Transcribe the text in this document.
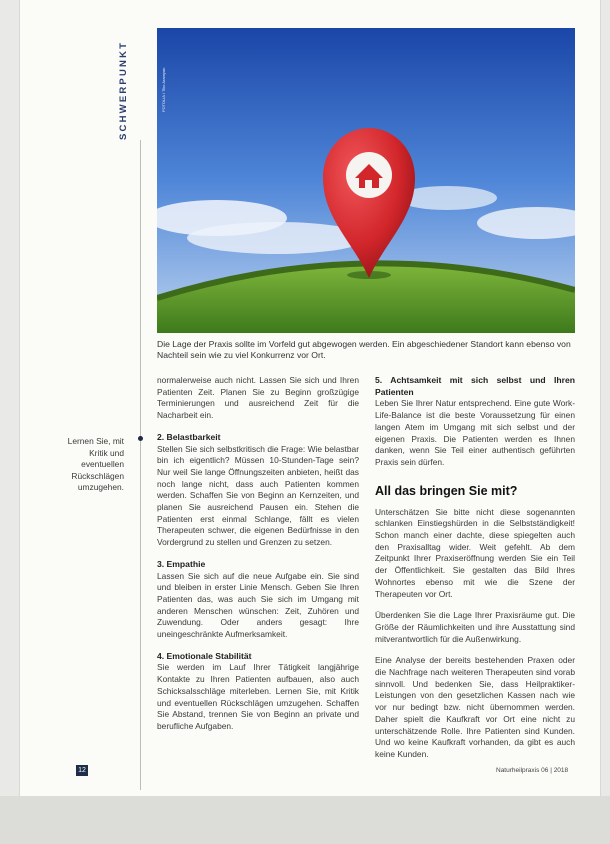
SCHWERPUNKT	FOTOLIA / Tiko Aramyan
Die Lage der Praxis sollte im Vorfeld gut abgewogen werden. Ein abgeschiedener Standort kann ebenso von Nachteil sein wie zu viel Konkurrenz vor Ort.

normalerweise auch nicht. Lassen Sie sich und Ihren Patienten Zeit. Planen Sie zu Beginn großzügige Terminierungen und ausreichend Zeit für die Nacharbeit ein.

2. Belastbarkeit

Stellen Sie sich selbstkritisch die Frage: Wie belastbar bin ich eigentlich? Müssen 10-Stunden-Tage sein? Nur weil Sie lange Öffnungszeiten anbieten, heißt das noch lange nicht, dass auch Patienten kommen werden. Schaffen Sie von Beginn an Kernzeiten, und planen Sie ausreichend Pausen ein. Stehen die Patienten erst einmal Schlange, fällt es vielen Therapeuten schwer, die eigenen Bedürfnisse in den Vordergrund zu stellen und Grenzen zu setzen.

3. Empathie

Lassen Sie sich auf die neue Aufgabe ein. Sie sind und bleiben in erster Linie Mensch. Geben Sie Ihren Patienten das, was auch Sie sich im Umgang mit anderen Menschen wünschen: Zeit, Zuhören und Zuwendung. Oder anders gesagt: Ihre uneingeschränkte Aufmerksamkeit.

4. Emotionale Stabilität

Sie werden im Lauf Ihrer Tätigkeit langjährige Kontakte zu Ihren Patienten aufbauen, also auch Schicksalsschläge miterleben. Lernen Sie, mit Kritik und eventuellen Rückschlägen umzugehen. Schaffen Sie Abstand, trennen Sie von Beginn an private und berufliche Aufgaben.

5. Achtsamkeit mit sich selbst und Ihren Patienten

Leben Sie Ihrer Natur entsprechend. Eine gute Work-Life-Balance ist die beste Voraussetzung für einen langen Atem im Umgang mit sich selbst und der eigenen Praxis. Die Patienten werden es Ihnen danken, wenn Sie Teil einer authentisch geführten Praxis sein dürfen.

All das bringen Sie mit?

Unterschätzen Sie bitte nicht diese sogenannten schlanken Einstiegshürden in die Selbstständigkeit! Schon manch einer dachte, diese spiegelten auch den Praxisalltag wider. Weit gefehlt. Ab dem Zeitpunkt Ihrer Praxiseröffnung werden Sie ein Teil der Öffentlichkeit. Sie gestalten das Bild Ihres Wohnortes ebenso mit wie die Szene der Therapeuten vor Ort.

Überdenken Sie die Lage Ihrer Praxisräume gut. Die Größe der Räumlichkeiten und ihre Ausstattung sind mitverantwortlich für die Außenwirkung.

Eine Analyse der bereits bestehenden Praxen oder die Nachfrage nach weiteren Therapeuten sind vorab sinnvoll. Und bedenken Sie, dass Heilpraktiker-Leistungen von den gesetzlichen Kassen nach wie vor nur bedingt bzw. nicht übernommen werden. Daher spielt die Kaufkraft vor Ort eine nicht zu unterschätzende Rolle. Ihre Patienten sind Kunden. Und wo keine Kaufkraft vorhanden, da gibt es auch keine Kunden.

Lernen Sie, mit Kritik und eventuellen Rückschlägen umzugehen.
12	Naturheilpraxis 06 | 2018
